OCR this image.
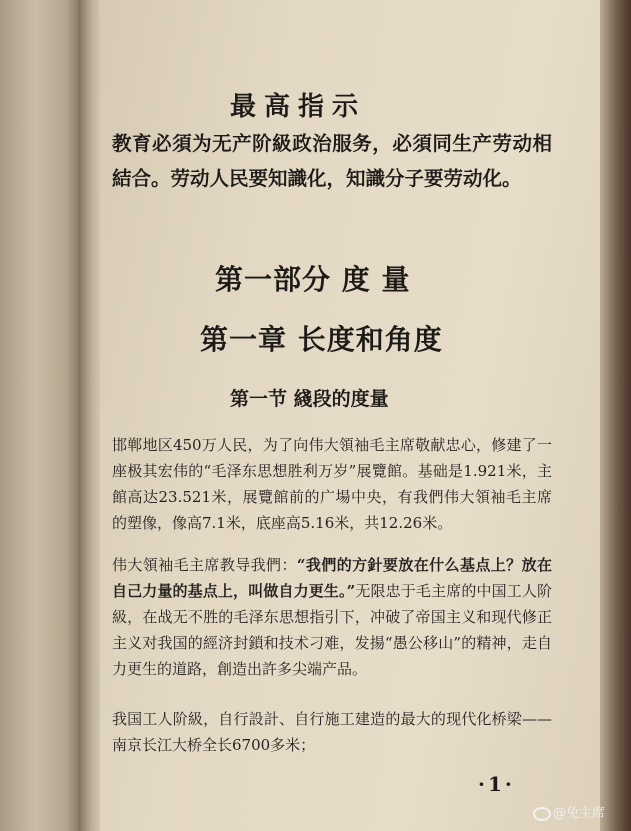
最高指示
教育必須为无产阶級政治服务，必須同生产劳动相結合。劳动人民要知識化，知識分子要劳动化。
第一部分 度 量
第一章 长度和角度
第一节 綫段的度量
邯郸地区450万人民，为了向伟大領袖毛主席敬献忠心，修建了一座极其宏伟的“毛泽东思想胜利万岁”展覽館。基础是1.921米，主館高达23.521米，展覽館前的广場中央，有我們伟大領袖毛主席的塑像，像高7.1米，底座高5.16米，共12.26米。
伟大領袖毛主席教导我們：“我們的方針要放在什么基点上？放在自己力量的基点上，叫做自力更生。”无限忠于毛主席的中国工人阶級，在战无不胜的毛泽东思想指引下，冲破了帝国主义和现代修正主义对我国的經济封鎖和技术刁难，发揚“愚公移山”的精神，走自力更生的道路，創造出許多尖端产品。
我国工人阶級，自行設計、自行施工建造的最大的现代化桥梁——南京长江大桥全长6700多米；
·1·
@免主席
